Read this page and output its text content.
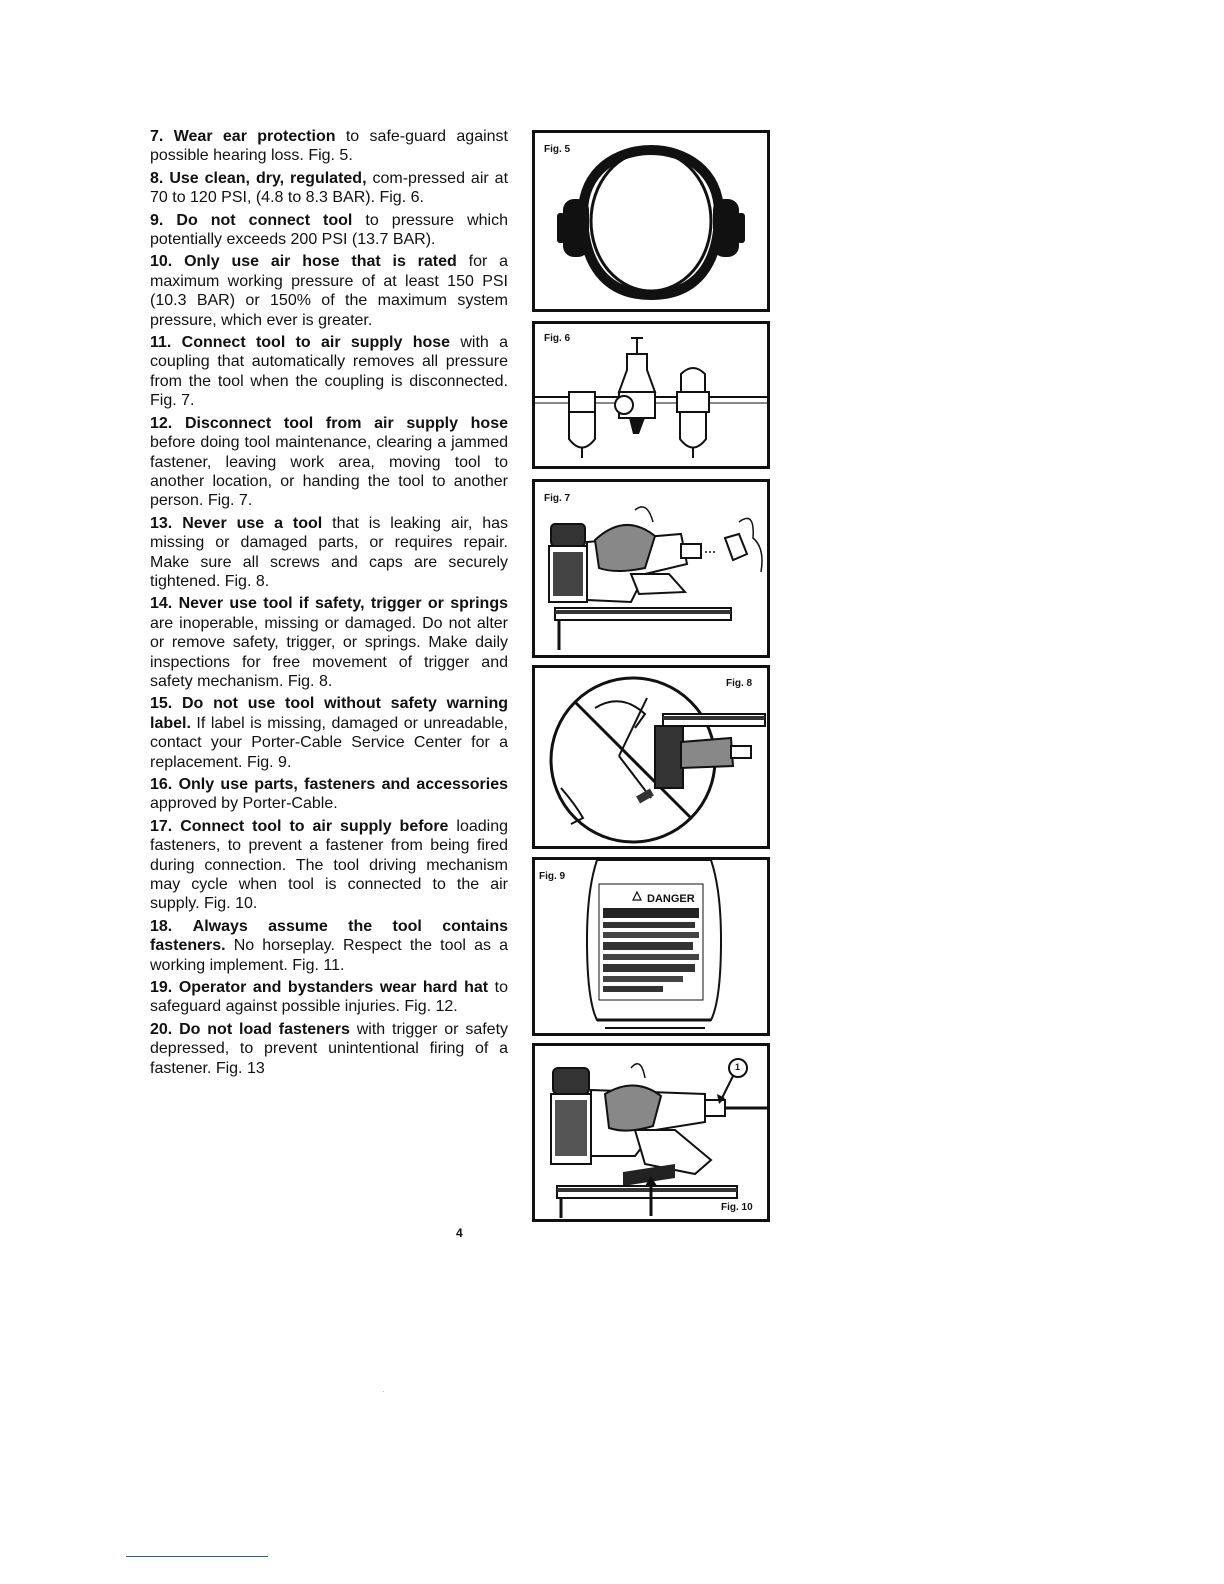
7. Wear ear protection to safe-guard against possible hearing loss. Fig. 5.

8. Use clean, dry, regulated, com-pressed air at 70 to 120 PSI, (4.8 to 8.3 BAR). Fig. 6.

9. Do not connect tool to pressure which potentially exceeds 200 PSI (13.7 BAR).

10. Only use air hose that is rated for a maximum working pressure of at least 150 PSI (10.3 BAR) or 150% of the maximum system pressure, which ever is greater.

11. Connect tool to air supply hose with a coupling that automatically removes all pressure from the tool when the coupling is disconnected. Fig. 7.

12. Disconnect tool from air supply hose before doing tool maintenance, clearing a jammed fastener, leaving work area, moving tool to another location, or handing the tool to another person. Fig. 7.

13. Never use a tool that is leaking air, has missing or damaged parts, or requires repair. Make sure all screws and caps are securely tightened. Fig. 8.

14. Never use tool if safety, trigger or springs are inoperable, missing or damaged. Do not alter or remove safety, trigger, or springs. Make daily inspections for free movement of trigger and safety mechanism. Fig. 8.

15. Do not use tool without safety warning label. If label is missing, damaged or unreadable, contact your Porter-Cable Service Center for a replacement. Fig. 9.

16. Only use parts, fasteners and accessories approved by Porter-Cable.

17. Connect tool to air supply before loading fasteners, to prevent a fastener from being fired during connection. The tool driving mechanism may cycle when tool is connected to the air supply. Fig. 10.

18. Always assume the tool contains fasteners. No horseplay. Respect the tool as a working implement. Fig. 11.

19. Operator and bystanders wear hard hat to safeguard against possible injuries. Fig. 12.

20. Do not load fasteners with trigger or safety depressed, to prevent unintentional firing of a fastener. Fig. 13

Fig. 5
Fig. 6
Fig. 7
Fig. 8
Fig. 9
DANGER
Fig. 10
1
4
